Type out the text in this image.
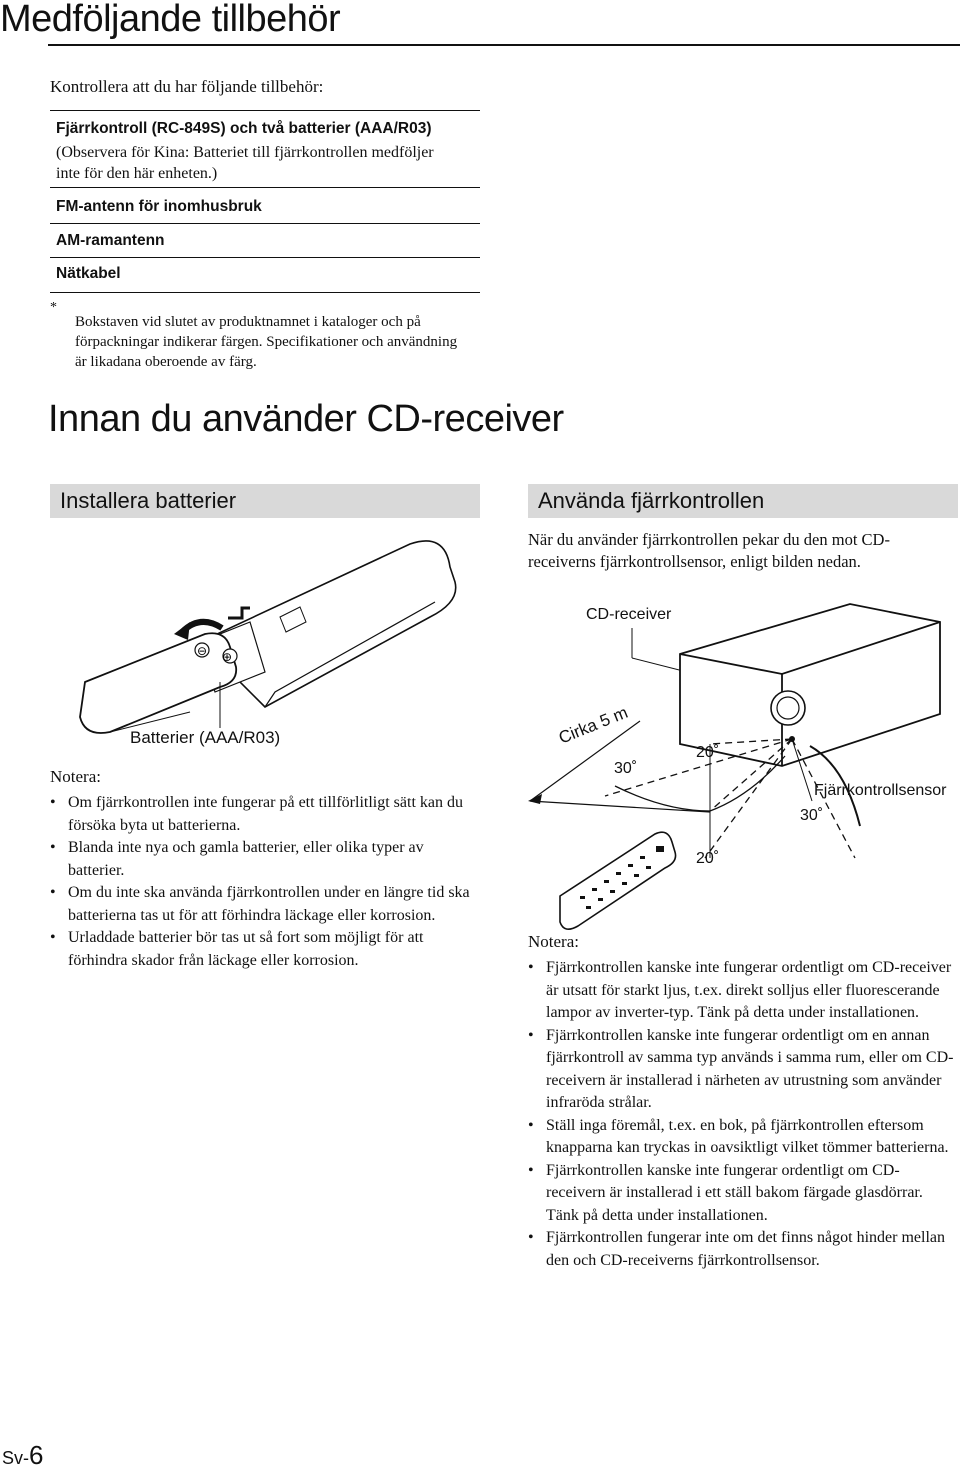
Medföljande tillbehör
Kontrollera att du har följande tillbehör:
Fjärrkontroll (RC-849S) och två batterier (AAA/R03)
(Observera för Kina: Batteriet till fjärrkontrollen medföljer
inte för den här enheten.)
FM-antenn för inomhusbruk
AM-ramantenn
Nätkabel
*
Bokstaven vid slutet av produktnamnet i kataloger och på
förpackningar indikerar färgen. Specifikationer och användning
är likadana oberoende av färg.
Innan du använder CD-receiver
Installera batterier
⊖ ⊕
Batterier (AAA/R03)
Notera:
• Om fjärrkontrollen inte fungerar på ett tillförlitligt sätt kan du försöka byta ut batterierna.
• Blanda inte nya och gamla batterier, eller olika typer av batterier.
• Om du inte ska använda fjärrkontrollen under en längre tid ska batterierna tas ut för att förhindra läckage eller korrosion.
• Urladdade batterier bör tas ut så fort som möjligt för att förhindra skador från läckage eller korrosion.
Använda fjärrkontrollen
När du använder fjärrkontrollen pekar du den mot CD-
receiverns fjärrkontrollsensor, enligt bilden nedan.
CD-receiver
Cirka 5 m
30˚
20˚
20˚
30˚
Fjärrkontrollsensor
Notera:
• Fjärrkontrollen kanske inte fungerar ordentligt om CD-receiver är utsatt för starkt ljus, t.ex. direkt solljus eller fluorescerande lampor av inverter-typ. Tänk på detta under installationen.
• Fjärrkontrollen kanske inte fungerar ordentligt om en annan fjärrkontroll av samma typ används i samma rum, eller om CD-receivern är installerad i närheten av utrustning som använder infraröda strålar.
• Ställ inga föremål, t.ex. en bok, på fjärrkontrollen eftersom knapparna kan tryckas in oavsiktligt vilket tömmer batterierna.
• Fjärrkontrollen kanske inte fungerar ordentligt om CD-receivern är installerad i ett ställ bakom färgade glasdörrar. Tänk på detta under installationen.
• Fjärrkontrollen fungerar inte om det finns något hinder mellan den och CD-receiverns fjärrkontrollsensor.
Sv-6
